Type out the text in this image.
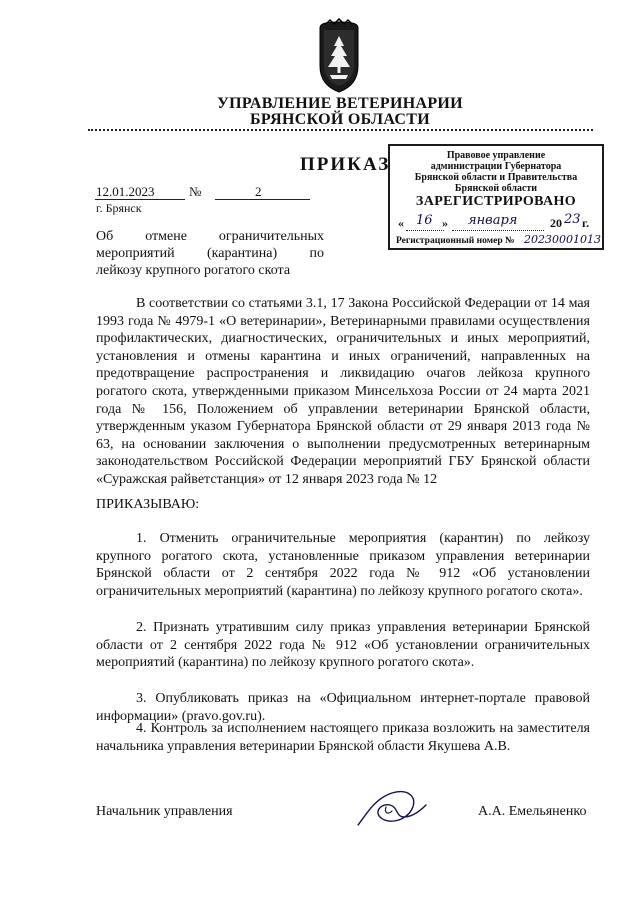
УПРАВЛЕНИЕ ВЕТЕРИНАРИИ
БРЯНСКОЙ ОБЛАСТИ
ПРИКАЗ	Правовое управление
администрации Губернатора
Брянской области и Правительства
Брянской области
ЗАРЕГИСТРИРОВАНО
« 16 » января	20 23 г.
Регистрационный номер № 20230001013
12.01.2023	№	2
г. Брянск
Об отмене ограничительных
мероприятий (карантина) по
лейкозу крупного рогатого скота
В соответствии со статьями 3.1, 17 Закона Российской Федерации от 14 мая 1993 года № 4979-1 «О ветеринарии», Ветеринарными правилами осуществления профилактических, диагностических, ограничительных и иных мероприятий, установления и отмены карантина и иных ограничений, направленных на предотвращение распространения и ликвидацию очагов лейкоза крупного рогатого скота, утвержденными приказом Минсельхоза России от 24 марта 2021 года № 156, Положением об управлении ветеринарии Брянской области, утвержденным указом Губернатора Брянской области от 29 января 2013 года № 63, на основании заключения о выполнении предусмотренных ветеринарным законодательством Российской Федерации мероприятий ГБУ Брянской области «Суражская райветстанция» от 12 января 2023 года № 12
ПРИКАЗЫВАЮ:
1. Отменить ограничительные мероприятия (карантин) по лейкозу крупного рогатого скота, установленные приказом управления ветеринарии Брянской области от 2 сентября 2022 года № 912 «Об установлении ограничительных мероприятий (карантина) по лейкозу крупного рогатого скота».
2. Признать утратившим силу приказ управления ветеринарии Брянской области от 2 сентября 2022 года № 912 «Об установлении ограничительных мероприятий (карантина) по лейкозу крупного рогатого скота».
3. Опубликовать приказ на «Официальном интернет-портале правовой информации» (pravo.gov.ru).
4. Контроль за исполнением настоящего приказа возложить на заместителя начальника управления ветеринарии Брянской области Якушева А.В.
Начальник управления	А.А. Емельяненко
